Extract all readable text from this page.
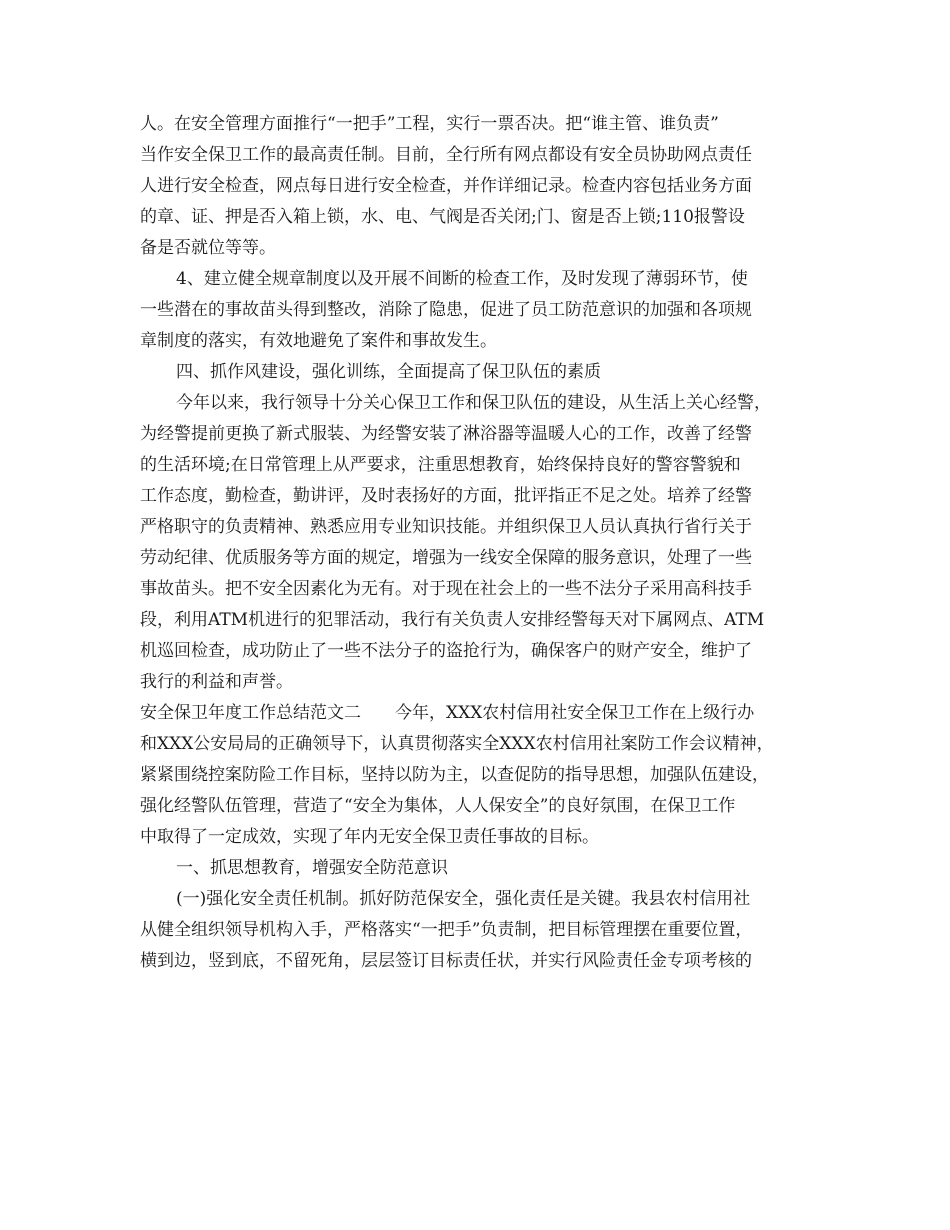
人。在安全管理方面推行“一把手”工程，实行一票否决。把“谁主管、谁负责”
当作安全保卫工作的最高责任制。目前，全行所有网点都设有安全员协助网点责任
人进行安全检查，网点每日进行安全检查，并作详细记录。检查内容包括业务方面
的章、证、押是否入箱上锁，水、电、气阀是否关闭;门、窗是否上锁;110报警设
备是否就位等等。
4、建立健全规章制度以及开展不间断的检查工作，及时发现了薄弱环节，使
一些潜在的事故苗头得到整改，消除了隐患，促进了员工防范意识的加强和各项规
章制度的落实，有效地避免了案件和事故发生。
四、抓作风建设，强化训练，全面提高了保卫队伍的素质
今年以来，我行领导十分关心保卫工作和保卫队伍的建设，从生活上关心经警，
为经警提前更换了新式服装、为经警安装了淋浴器等温暖人心的工作，改善了经警
的生活环境;在日常管理上从严要求，注重思想教育，始终保持良好的警容警貌和
工作态度，勤检查，勤讲评，及时表扬好的方面，批评指正不足之处。培养了经警
严格职守的负责精神、熟悉应用专业知识技能。并组织保卫人员认真执行省行关于
劳动纪律、优质服务等方面的规定，增强为一线安全保障的服务意识，处理了一些
事故苗头。把不安全因素化为无有。对于现在社会上的一些不法分子采用高科技手
段，利用ATM机进行的犯罪活动，我行有关负责人安排经警每天对下属网点、ATM
机巡回检查，成功防止了一些不法分子的盗抢行为，确保客户的财产安全，维护了
我行的利益和声誉。
安全保卫年度工作总结范文二　　今年，XXX农村信用社安全保卫工作在上级行办
和XXX公安局局的正确领导下，认真贯彻落实全XXX农村信用社案防工作会议精神，
紧紧围绕控案防险工作目标，坚持以防为主，以查促防的指导思想，加强队伍建设，
强化经警队伍管理，营造了“安全为集体，人人保安全”的良好氛围，在保卫工作
中取得了一定成效，实现了年内无安全保卫责任事故的目标。
一、抓思想教育，增强安全防范意识
(一)强化安全责任机制。抓好防范保安全，强化责任是关键。我县农村信用社
从健全组织领导机构入手，严格落实“一把手”负责制，把目标管理摆在重要位置，
横到边，竖到底，不留死角，层层签订目标责任状，并实行风险责任金专项考核的
